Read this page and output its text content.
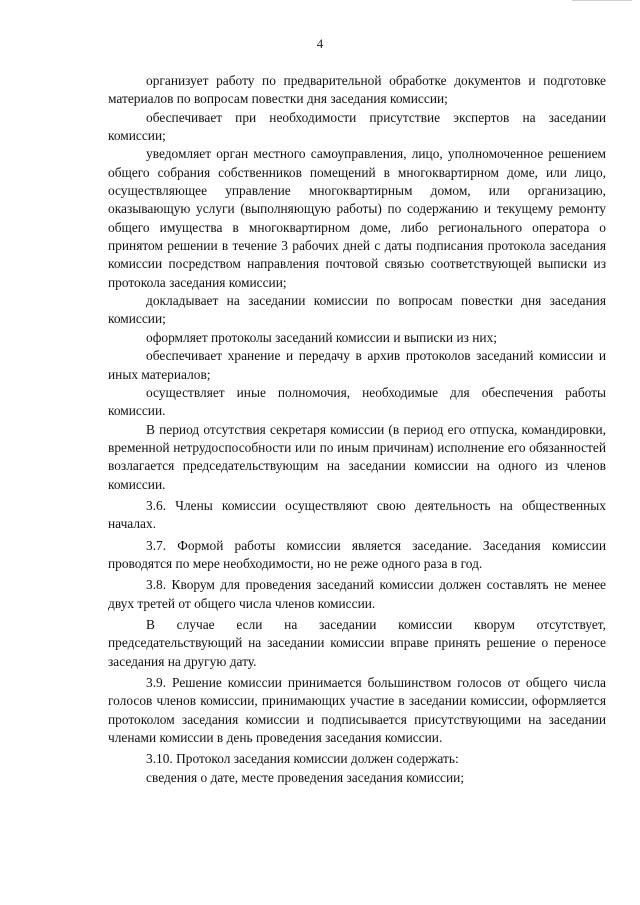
4

организует работу по предварительной обработке документов и подготовке материалов по вопросам повестки дня заседания комиссии;

обеспечивает при необходимости присутствие экспертов на заседании комиссии;

уведомляет орган местного самоуправления, лицо, уполномоченное решением общего собрания собственников помещений в многоквартирном доме, или лицо, осуществляющее управление многоквартирным домом, или организацию, оказывающую услуги (выполняющую работы) по содержанию и текущему ремонту общего имущества в многоквартирном доме, либо регионального оператора о принятом решении в течение 3 рабочих дней с даты подписания протокола заседания комиссии посредством направления почтовой связью соответствующей выписки из протокола заседания комиссии;

докладывает на заседании комиссии по вопросам повестки дня заседания комиссии;

оформляет протоколы заседаний комиссии и выписки из них;

обеспечивает хранение и передачу в архив протоколов заседаний комиссии и иных материалов;

осуществляет иные полномочия, необходимые для обеспечения работы комиссии.

В период отсутствия секретаря комиссии (в период его отпуска, командировки, временной нетрудоспособности или по иным причинам) исполнение его обязанностей возлагается председательствующим на заседании комиссии на одного из членов комиссии.

3.6. Члены комиссии осуществляют свою деятельность на общественных началах.

3.7. Формой работы комиссии является заседание. Заседания комиссии проводятся по мере необходимости, но не реже одного раза в год.

3.8. Кворум для проведения заседаний комиссии должен составлять не менее двух третей от общего числа членов комиссии.

В случае если на заседании комиссии кворум отсутствует, председательствующий на заседании комиссии вправе принять решение о переносе заседания на другую дату.

3.9. Решение комиссии принимается большинством голосов от общего числа голосов членов комиссии, принимающих участие в заседании комиссии, оформляется протоколом заседания комиссии и подписывается присутствующими на заседании членами комиссии в день проведения заседания комиссии.

3.10. Протокол заседания комиссии должен содержать:

сведения о дате, месте проведения заседания комиссии;
